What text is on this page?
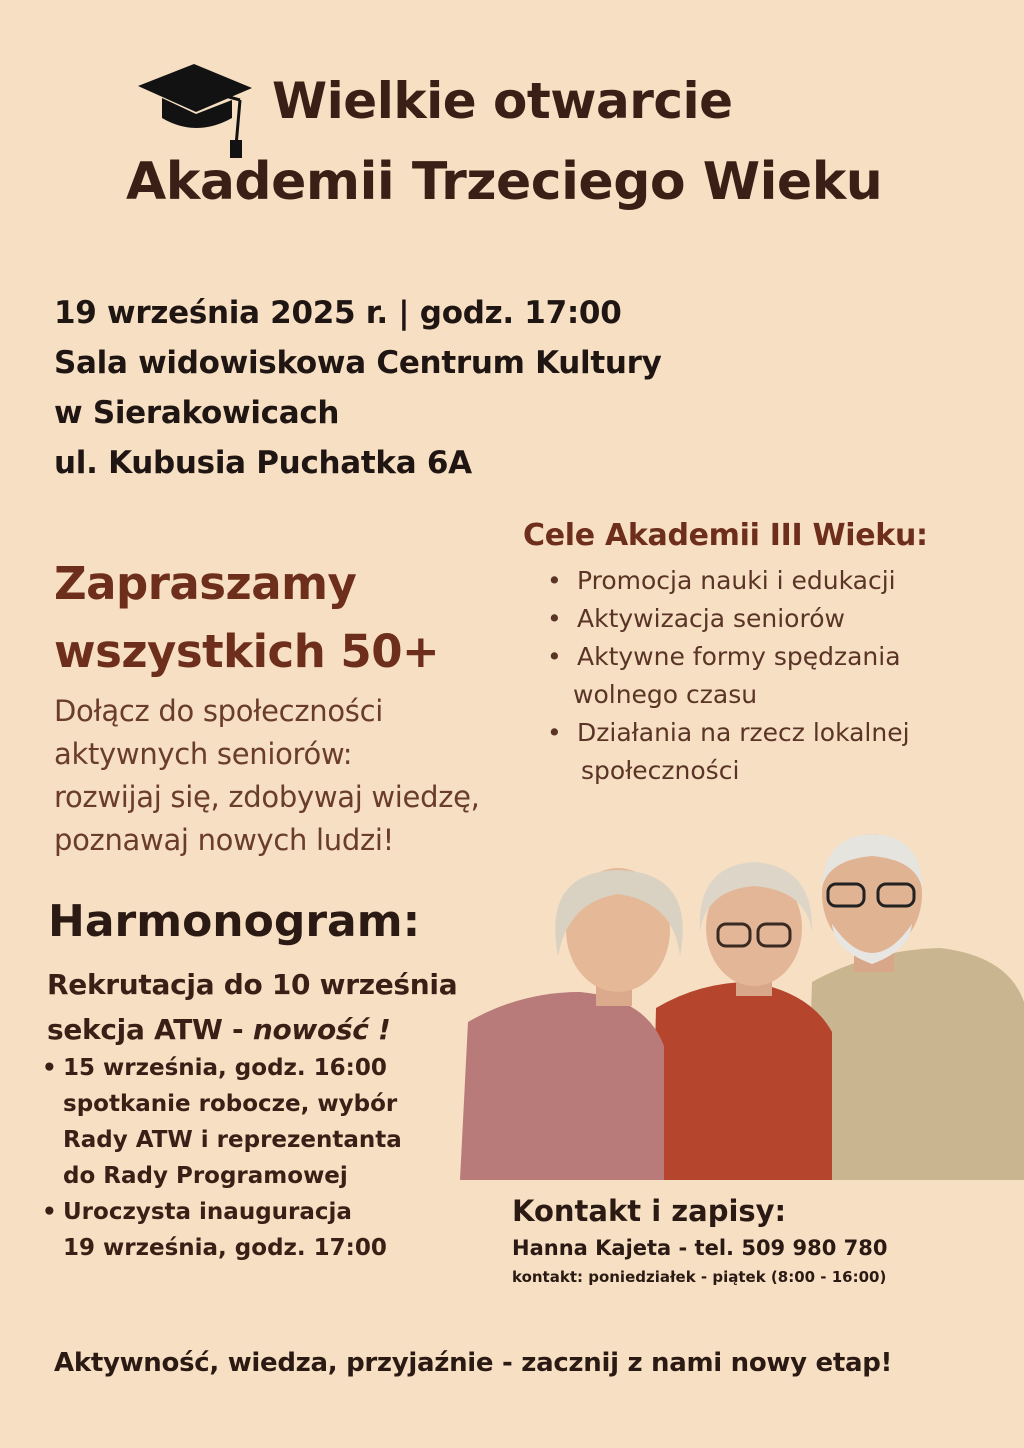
Wielkie otwarcie
Akademii Trzeciego Wieku
19 września 2025 r. | godz. 17:00
Sala widowiskowa Centrum Kultury
w Sierakowicach
ul. Kubusia Puchatka 6A
Zapraszamy
wszystkich 50+
Dołącz do społeczności
aktywnych seniorów:
rozwijaj się, zdobywaj wiedzę,
poznawaj nowych ludzi!
Cele Akademii III Wieku:
• Promocja nauki i edukacji
• Aktywizacja seniorów
• Aktywne formy spędzania
wolnego czasu
• Działania na rzecz lokalnej
społeczności
Harmonogram:
Rekrutacja do 10 września
sekcja ATW - nowość !
• 15 września, godz. 16:00
spotkanie robocze, wybór
Rady ATW i reprezentanta
do Rady Programowej
• Uroczysta inauguracja
19 września, godz. 17:00
Kontakt i zapisy:
Hanna Kajeta - tel. 509 980 780
kontakt: poniedziałek - piątek (8:00 - 16:00)
Aktywność, wiedza, przyjaźnie - zacznij z nami nowy etap!
